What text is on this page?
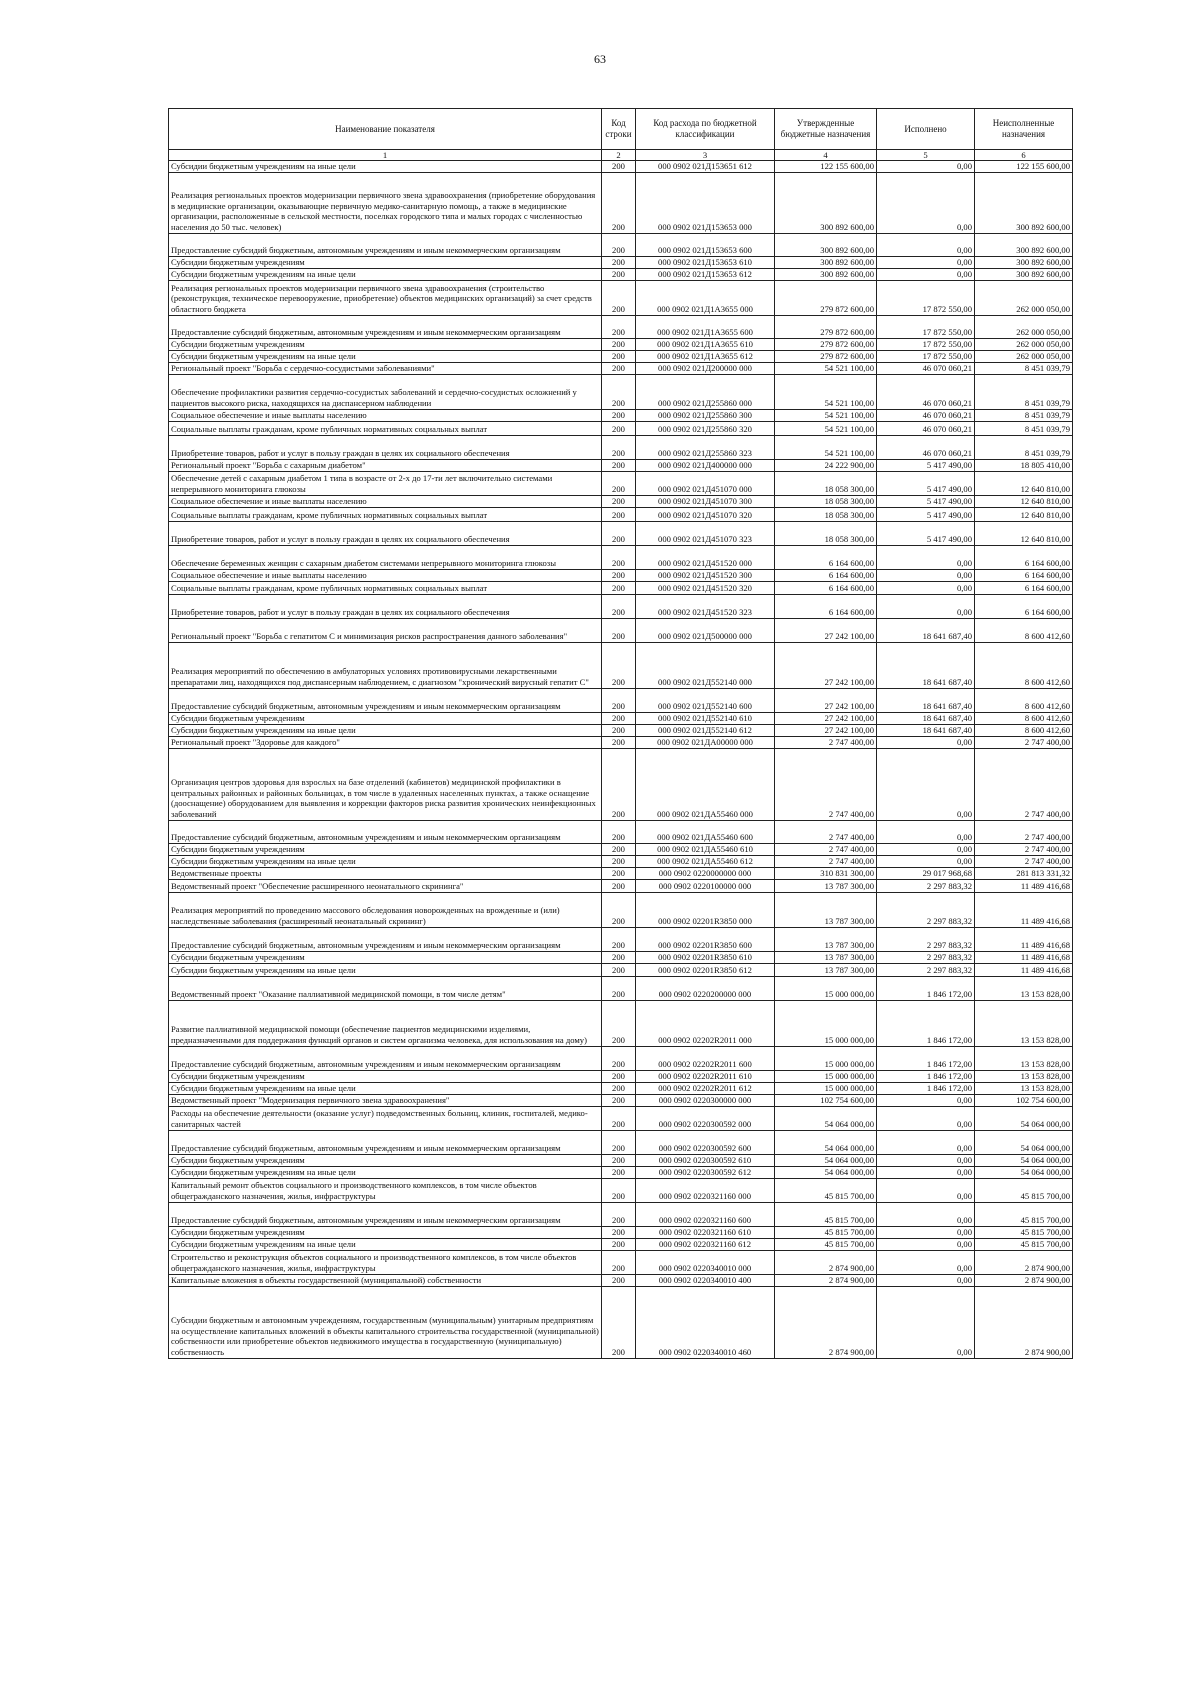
63
Наименование показателя	Код строки	Код расхода по бюджетной классификации	Утвержденные бюджетные назначения	Исполнено	Неисполненные назначения
1	2	3	4	5	6
Субсидии бюджетным учреждениям на иные цели	200	000 0902 021Д153651 612	122 155 600,00	0,00	122 155 600,00
Реализация региональных проектов модернизации первичного звена здравоохранения (приобретение оборудования в медицинские организации, оказывающие первичную медико-санитарную помощь, а также в медицинские организации, расположенные в сельской местности, поселках городского типа и малых городах с численностью населения до 50 тыс. человек)	200	000 0902 021Д153653 000	300 892 600,00	0,00	300 892 600,00
Предоставление субсидий бюджетным, автономным учреждениям и иным некоммерческим организациям	200	000 0902 021Д153653 600	300 892 600,00	0,00	300 892 600,00
Субсидии бюджетным учреждениям	200	000 0902 021Д153653 610	300 892 600,00	0,00	300 892 600,00
Субсидии бюджетным учреждениям на иные цели	200	000 0902 021Д153653 612	300 892 600,00	0,00	300 892 600,00
Реализация региональных проектов модернизации первичного звена здравоохранения (строительство (реконструкция, техническое перевооружение, приобретение) объектов медицинских организаций) за счет средств областного бюджета	200	000 0902 021Д1А3655 000	279 872 600,00	17 872 550,00	262 000 050,00
Предоставление субсидий бюджетным, автономным учреждениям и иным некоммерческим организациям	200	000 0902 021Д1А3655 600	279 872 600,00	17 872 550,00	262 000 050,00
Субсидии бюджетным учреждениям	200	000 0902 021Д1А3655 610	279 872 600,00	17 872 550,00	262 000 050,00
Субсидии бюджетным учреждениям на иные цели	200	000 0902 021Д1А3655 612	279 872 600,00	17 872 550,00	262 000 050,00
Региональный проект "Борьба с сердечно-сосудистыми заболеваниями"	200	000 0902 021Д200000 000	54 521 100,00	46 070 060,21	8 451 039,79
Обеспечение профилактики развития сердечно-сосудистых заболеваний и сердечно-сосудистых осложнений у пациентов высокого риска, находящихся на диспансерном наблюдении	200	000 0902 021Д255860 000	54 521 100,00	46 070 060,21	8 451 039,79
Социальное обеспечение и иные выплаты населению	200	000 0902 021Д255860 300	54 521 100,00	46 070 060,21	8 451 039,79
Социальные выплаты гражданам, кроме публичных нормативных социальных выплат	200	000 0902 021Д255860 320	54 521 100,00	46 070 060,21	8 451 039,79
Приобретение товаров, работ и услуг в пользу граждан в целях их социального обеспечения	200	000 0902 021Д255860 323	54 521 100,00	46 070 060,21	8 451 039,79
Региональный проект "Борьба с сахарным диабетом"	200	000 0902 021Д400000 000	24 222 900,00	5 417 490,00	18 805 410,00
Обеспечение детей с сахарным диабетом 1 типа в возрасте от 2-х до 17-ти лет включительно системами непрерывного мониторинга глюкозы	200	000 0902 021Д451070 000	18 058 300,00	5 417 490,00	12 640 810,00
Социальное обеспечение и иные выплаты населению	200	000 0902 021Д451070 300	18 058 300,00	5 417 490,00	12 640 810,00
Социальные выплаты гражданам, кроме публичных нормативных социальных выплат	200	000 0902 021Д451070 320	18 058 300,00	5 417 490,00	12 640 810,00
Приобретение товаров, работ и услуг в пользу граждан в целях их социального обеспечения	200	000 0902 021Д451070 323	18 058 300,00	5 417 490,00	12 640 810,00
Обеспечение беременных женщин с сахарным диабетом системами непрерывного мониторинга глюкозы	200	000 0902 021Д451520 000	6 164 600,00	0,00	6 164 600,00
Социальное обеспечение и иные выплаты населению	200	000 0902 021Д451520 300	6 164 600,00	0,00	6 164 600,00
Социальные выплаты гражданам, кроме публичных нормативных социальных выплат	200	000 0902 021Д451520 320	6 164 600,00	0,00	6 164 600,00
Приобретение товаров, работ и услуг в пользу граждан в целях их социального обеспечения	200	000 0902 021Д451520 323	6 164 600,00	0,00	6 164 600,00
Региональный проект "Борьба с гепатитом С и минимизация рисков распространения данного заболевания"	200	000 0902 021Д500000 000	27 242 100,00	18 641 687,40	8 600 412,60
Реализация мероприятий по обеспечению в амбулаторных условиях противовирусными лекарственными препаратами лиц, находящихся под диспансерным наблюдением, с диагнозом "хронический вирусный гепатит С"	200	000 0902 021Д552140 000	27 242 100,00	18 641 687,40	8 600 412,60
Предоставление субсидий бюджетным, автономным учреждениям и иным некоммерческим организациям	200	000 0902 021Д552140 600	27 242 100,00	18 641 687,40	8 600 412,60
Субсидии бюджетным учреждениям	200	000 0902 021Д552140 610	27 242 100,00	18 641 687,40	8 600 412,60
Субсидии бюджетным учреждениям на иные цели	200	000 0902 021Д552140 612	27 242 100,00	18 641 687,40	8 600 412,60
Региональный проект "Здоровье для каждого"	200	000 0902 021ДА00000 000	2 747 400,00	0,00	2 747 400,00
Организация центров здоровья для взрослых на базе отделений (кабинетов) медицинской профилактики в центральных районных и районных больницах, в том числе в удаленных населенных пунктах, а также оснащение (дооснащение) оборудованием для выявления и коррекции факторов риска развития хронических неинфекционных заболеваний	200	000 0902 021ДА55460 000	2 747 400,00	0,00	2 747 400,00
Предоставление субсидий бюджетным, автономным учреждениям и иным некоммерческим организациям	200	000 0902 021ДА55460 600	2 747 400,00	0,00	2 747 400,00
Субсидии бюджетным учреждениям	200	000 0902 021ДА55460 610	2 747 400,00	0,00	2 747 400,00
Субсидии бюджетным учреждениям на иные цели	200	000 0902 021ДА55460 612	2 747 400,00	0,00	2 747 400,00
Ведомственные проекты	200	000 0902 0220000000 000	310 831 300,00	29 017 968,68	281 813 331,32
Ведомственный проект "Обеспечение расширенного неонатального скрининга"	200	000 0902 0220100000 000	13 787 300,00	2 297 883,32	11 489 416,68
Реализация мероприятий по проведению массового обследования новорожденных на врожденные и (или) наследственные заболевания (расширенный неонатальный скрининг)	200	000 0902 02201R3850 000	13 787 300,00	2 297 883,32	11 489 416,68
Предоставление субсидий бюджетным, автономным учреждениям и иным некоммерческим организациям	200	000 0902 02201R3850 600	13 787 300,00	2 297 883,32	11 489 416,68
Субсидии бюджетным учреждениям	200	000 0902 02201R3850 610	13 787 300,00	2 297 883,32	11 489 416,68
Субсидии бюджетным учреждениям на иные цели	200	000 0902 02201R3850 612	13 787 300,00	2 297 883,32	11 489 416,68
Ведомственный проект "Оказание паллиативной медицинской помощи, в том числе детям"	200	000 0902 0220200000 000	15 000 000,00	1 846 172,00	13 153 828,00
Развитие паллиативной медицинской помощи (обеспечение пациентов медицинскими изделиями, предназначенными для поддержания функций органов и систем организма человека, для использования на дому)	200	000 0902 02202R2011 000	15 000 000,00	1 846 172,00	13 153 828,00
Предоставление субсидий бюджетным, автономным учреждениям и иным некоммерческим организациям	200	000 0902 02202R2011 600	15 000 000,00	1 846 172,00	13 153 828,00
Субсидии бюджетным учреждениям	200	000 0902 02202R2011 610	15 000 000,00	1 846 172,00	13 153 828,00
Субсидии бюджетным учреждениям на иные цели	200	000 0902 02202R2011 612	15 000 000,00	1 846 172,00	13 153 828,00
Ведомственный проект "Модернизация первичного звена здравоохранения"	200	000 0902 0220300000 000	102 754 600,00	0,00	102 754 600,00
Расходы на обеспечение деятельности (оказание услуг) подведомственных больниц, клиник, госпиталей, медико-санитарных частей	200	000 0902 0220300592 000	54 064 000,00	0,00	54 064 000,00
Предоставление субсидий бюджетным, автономным учреждениям и иным некоммерческим организациям	200	000 0902 0220300592 600	54 064 000,00	0,00	54 064 000,00
Субсидии бюджетным учреждениям	200	000 0902 0220300592 610	54 064 000,00	0,00	54 064 000,00
Субсидии бюджетным учреждениям на иные цели	200	000 0902 0220300592 612	54 064 000,00	0,00	54 064 000,00
Капитальный ремонт объектов социального и производственного комплексов, в том числе объектов общегражданского назначения, жилья, инфраструктуры	200	000 0902 0220321160 000	45 815 700,00	0,00	45 815 700,00
Предоставление субсидий бюджетным, автономным учреждениям и иным некоммерческим организациям	200	000 0902 0220321160 600	45 815 700,00	0,00	45 815 700,00
Субсидии бюджетным учреждениям	200	000 0902 0220321160 610	45 815 700,00	0,00	45 815 700,00
Субсидии бюджетным учреждениям на иные цели	200	000 0902 0220321160 612	45 815 700,00	0,00	45 815 700,00
Строительство и реконструкция объектов социального и производственного комплексов, в том числе объектов общегражданского назначения, жилья, инфраструктуры	200	000 0902 0220340010 000	2 874 900,00	0,00	2 874 900,00
Капитальные вложения в объекты государственной (муниципальной) собственности	200	000 0902 0220340010 400	2 874 900,00	0,00	2 874 900,00
Субсидии бюджетным и автономным учреждениям, государственным (муниципальным) унитарным предприятиям на осуществление капитальных вложений в объекты капитального строительства государственной (муниципальной) собственности или приобретение объектов недвижимого имущества в государственную (муниципальную) собственность	200	000 0902 0220340010 460	2 874 900,00	0,00	2 874 900,00
